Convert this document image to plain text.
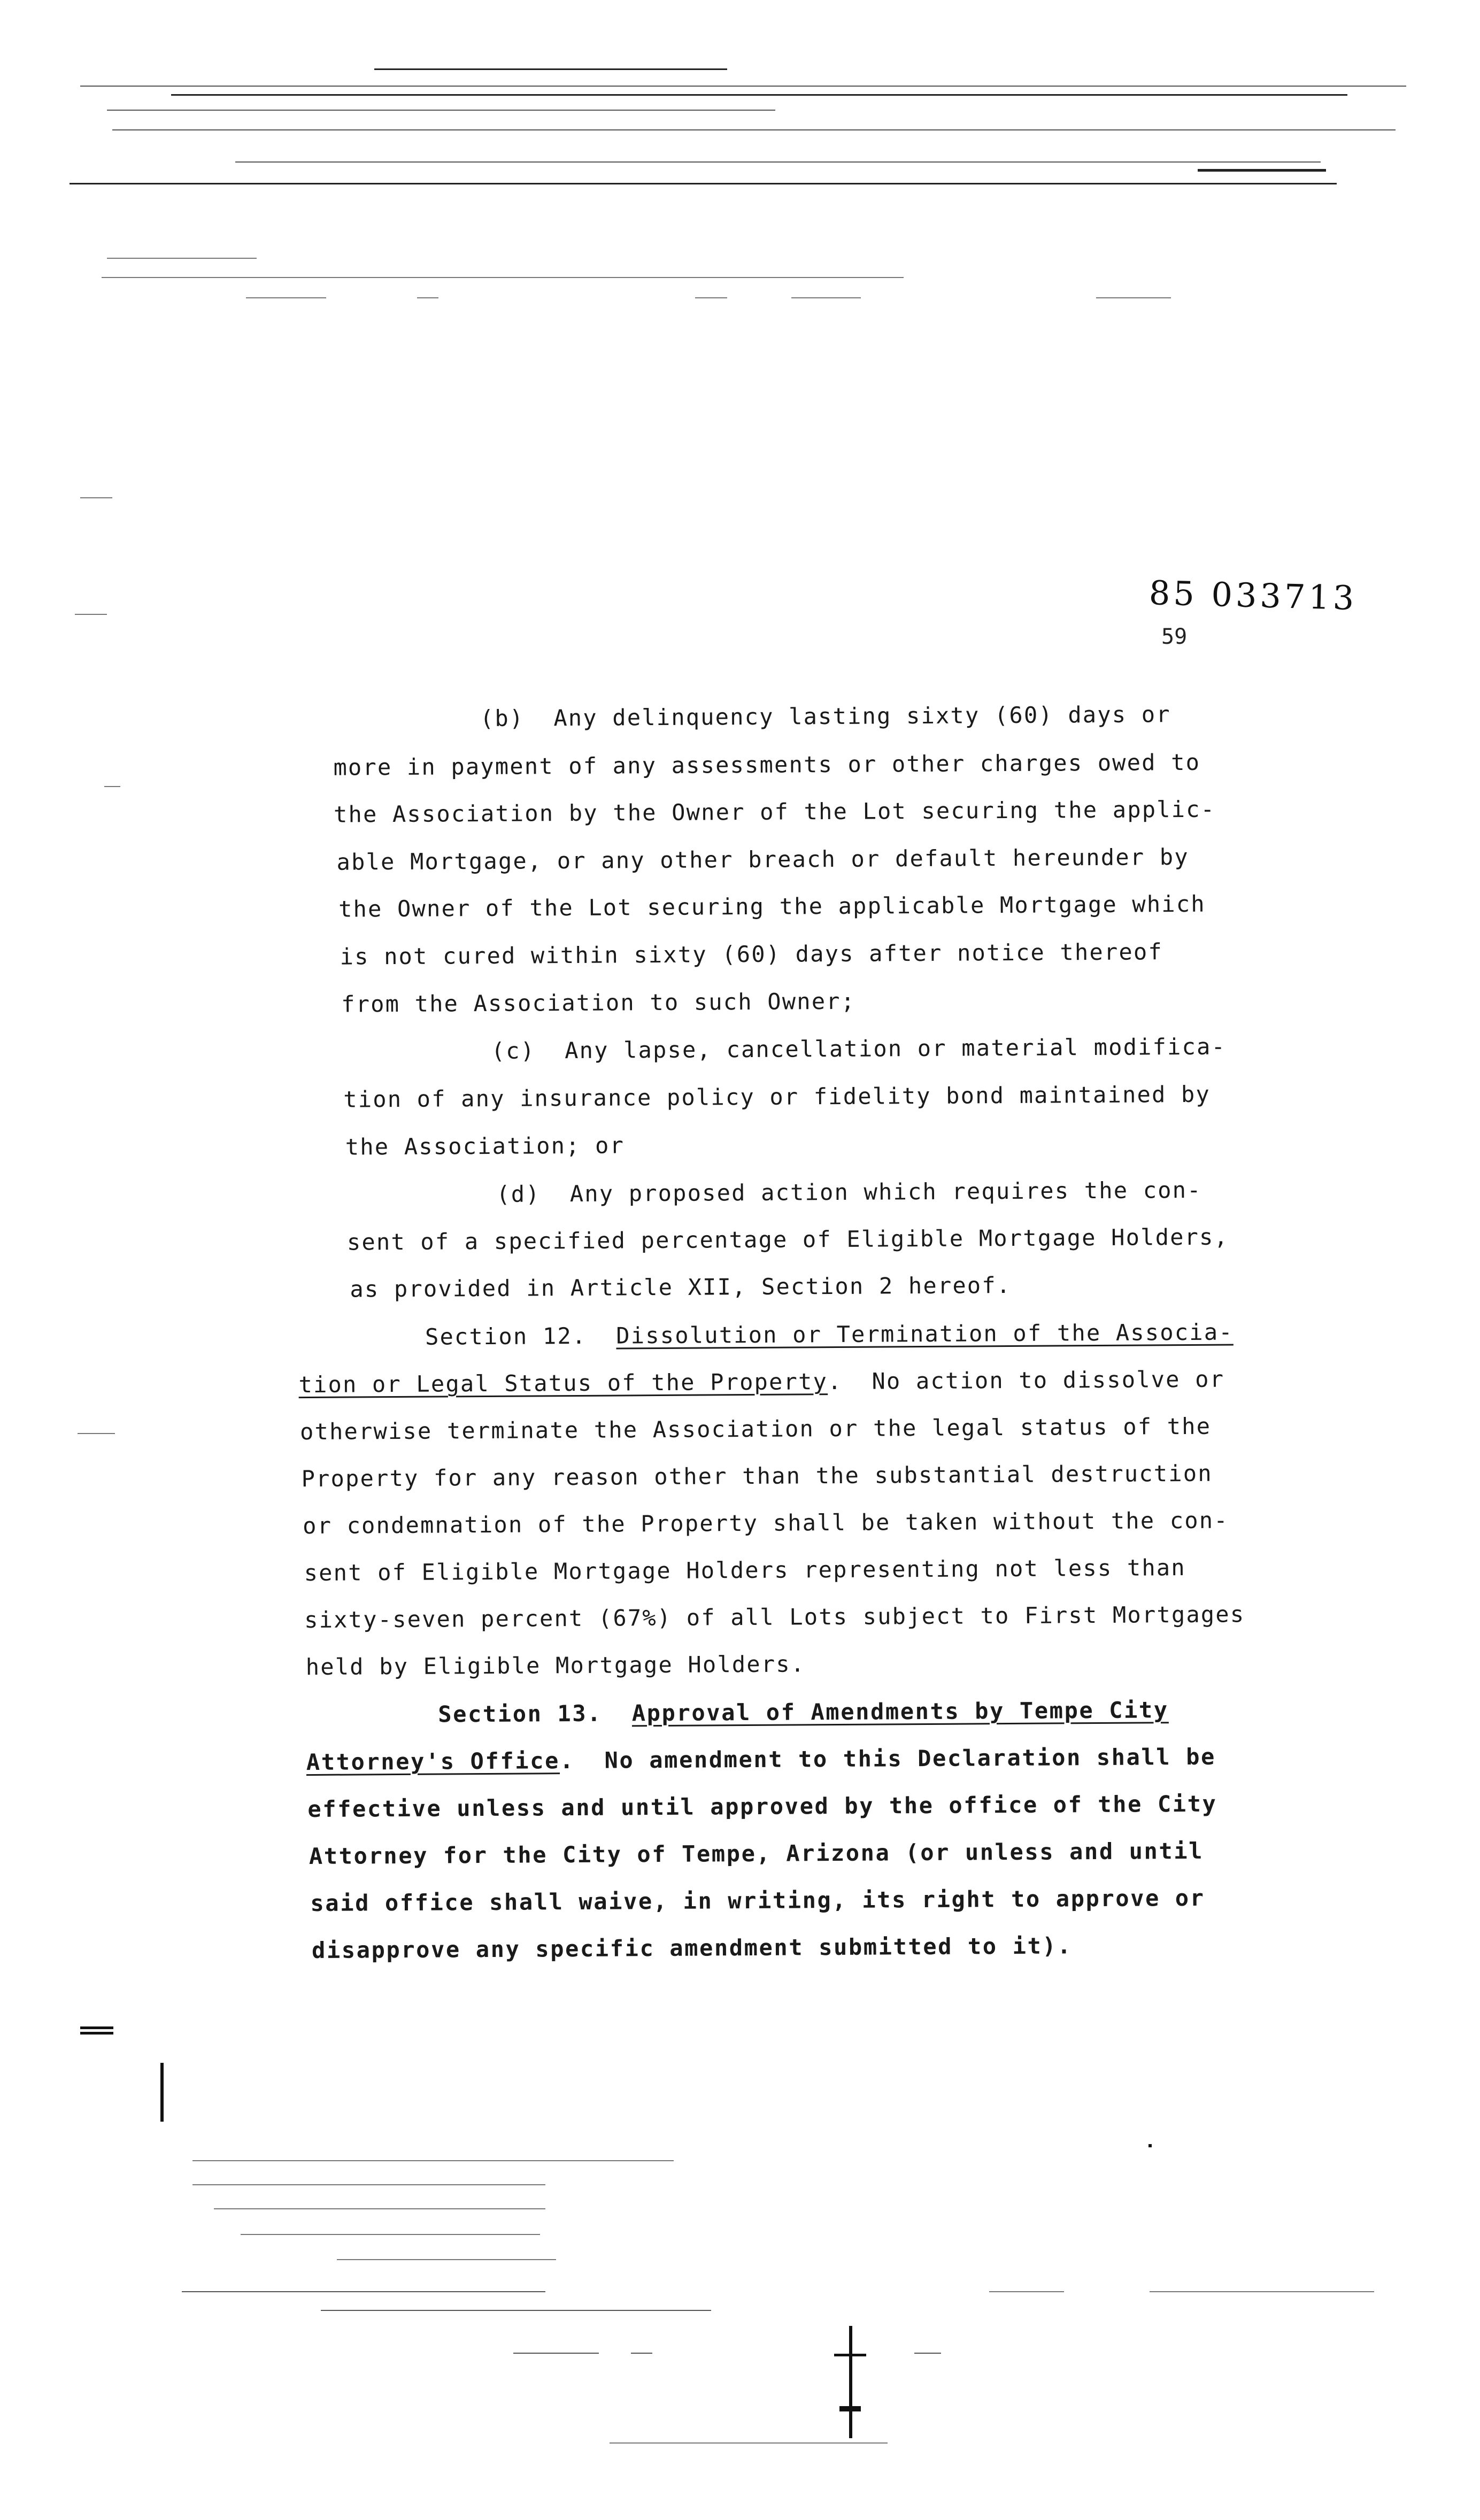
85 033713
59
(b)  Any delinquency lasting sixty (60) days or
more in payment of any assessments or other charges owed to
the Association by the Owner of the Lot securing the applic-
able Mortgage, or any other breach or default hereunder by
the Owner of the Lot securing the applicable Mortgage which
is not cured within sixty (60) days after notice thereof
from the Association to such Owner;
(c)  Any lapse, cancellation or material modifica-
tion of any insurance policy or fidelity bond maintained by
the Association; or
(d)  Any proposed action which requires the con-
sent of a specified percentage of Eligible Mortgage Holders,
as provided in Article XII, Section 2 hereof.
Section 12. Dissolution or Termination of the Associa-
tion or Legal Status of the Property.  No action to dissolve or
otherwise terminate the Association or the legal status of the
Property for any reason other than the substantial destruction
or condemnation of the Property shall be taken without the con-
sent of Eligible Mortgage Holders representing not less than
sixty-seven percent (67%) of all Lots subject to First Mortgages
held by Eligible Mortgage Holders.
Section 13. Approval of Amendments by Tempe City
Attorney's Office.  No amendment to this Declaration shall be
effective unless and until approved by the office of the City
Attorney for the City of Tempe, Arizona (or unless and until
said office shall waive, in writing, its right to approve or
disapprove any specific amendment submitted to it).
